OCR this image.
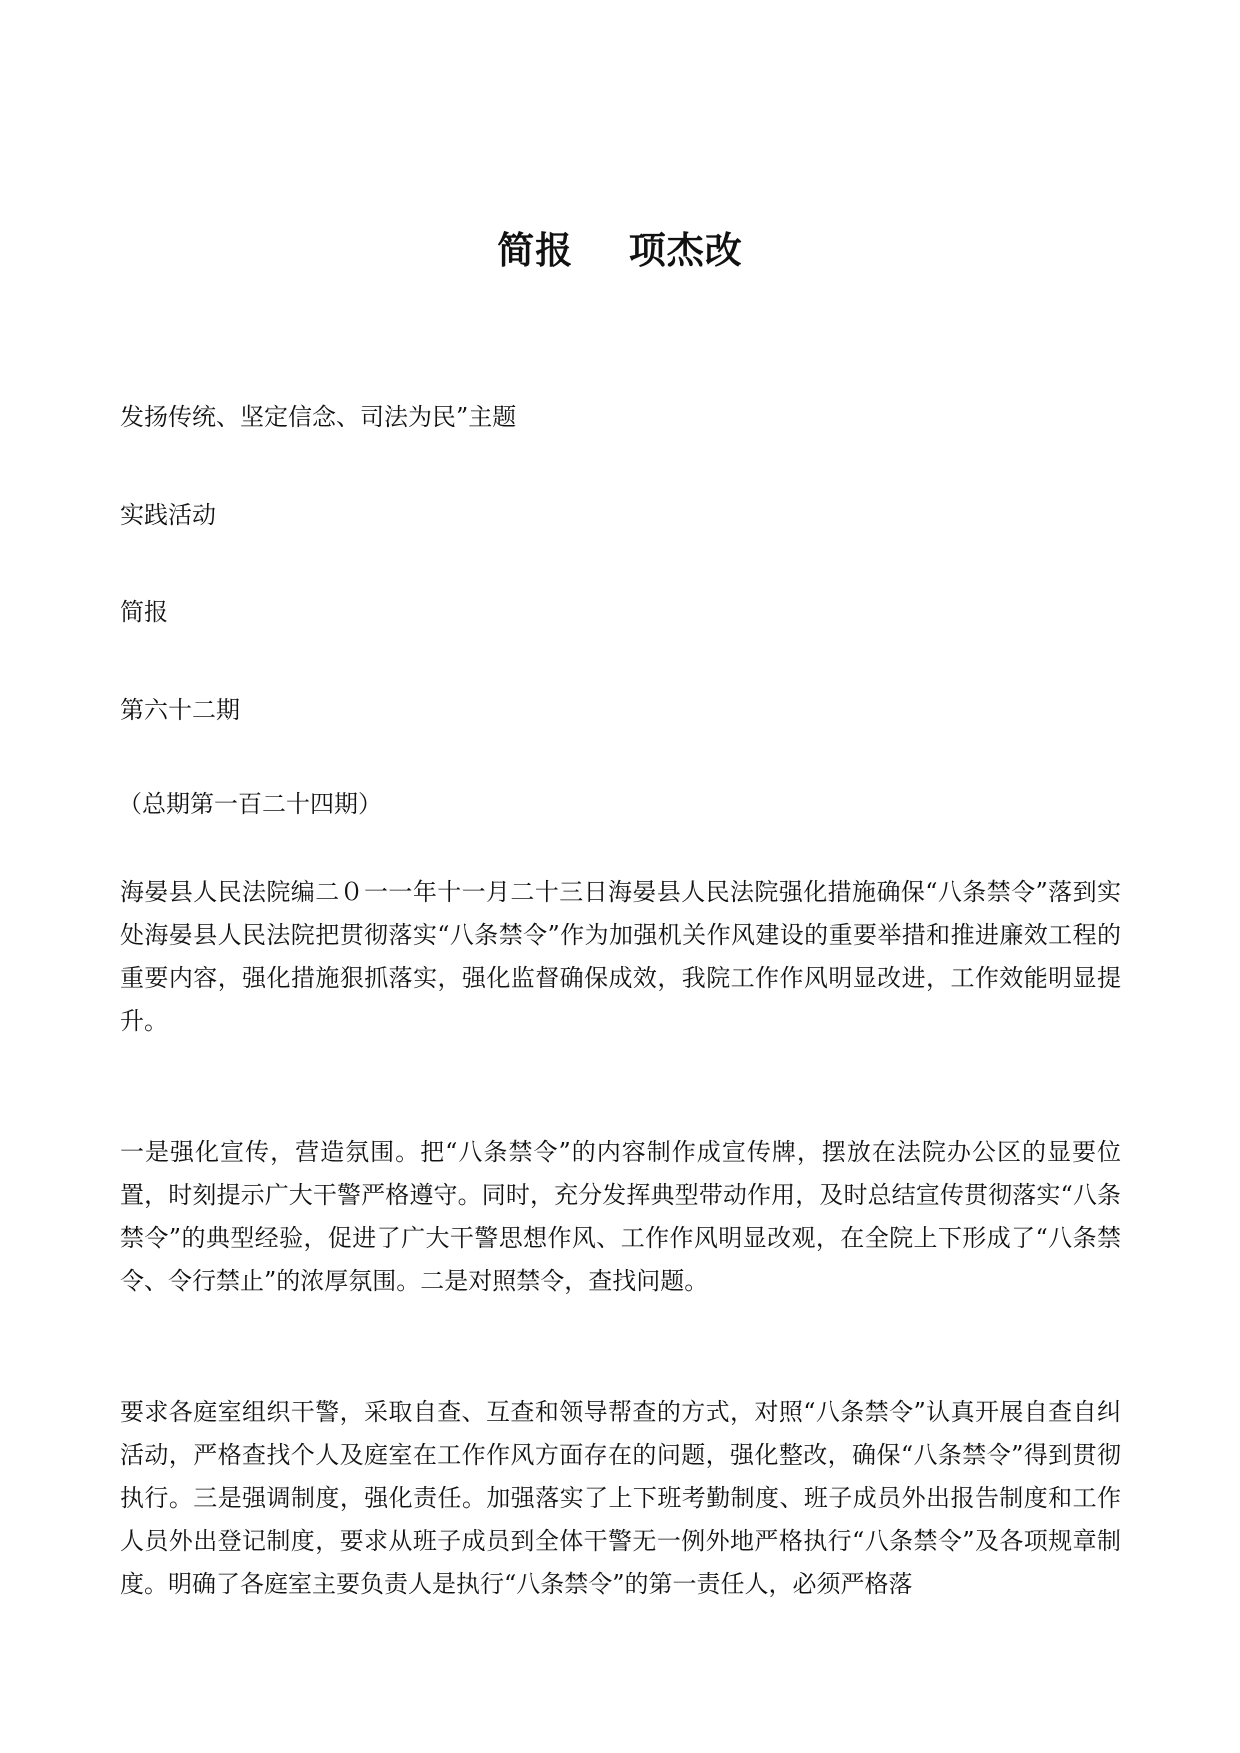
简报    项杰改

发扬传统、坚定信念、司法为民”主题

实践活动

简报

第六十二期

（总期第一百二十四期）

海晏县人民法院编二０一一年十一月二十三日海晏县人民法院强化措施确保“八条禁令”落到实处海晏县人民法院把贯彻落实“八条禁令”作为加强机关作风建设的重要举措和推进廉效工程的重要内容，强化措施狠抓落实，强化监督确保成效，我院工作作风明显改进，工作效能明显提升。

一是强化宣传，营造氛围。把“八条禁令”的内容制作成宣传牌，摆放在法院办公区的显要位置，时刻提示广大干警严格遵守。同时，充分发挥典型带动作用，及时总结宣传贯彻落实“八条禁令”的典型经验，促进了广大干警思想作风、工作作风明显改观，在全院上下形成了“八条禁令、令行禁止”的浓厚氛围。二是对照禁令，查找问题。

要求各庭室组织干警，采取自查、互查和领导帮查的方式，对照“八条禁令”认真开展自查自纠活动，严格查找个人及庭室在工作作风方面存在的问题，强化整改，确保“八条禁令”得到贯彻执行。三是强调制度，强化责任。加强落实了上下班考勤制度、班子成员外出报告制度和工作人员外出登记制度，要求从班子成员到全体干警无一例外地严格执行“八条禁令”及各项规章制度。明确了各庭室主要负责人是执行“八条禁令”的第一责任人，必须严格落
